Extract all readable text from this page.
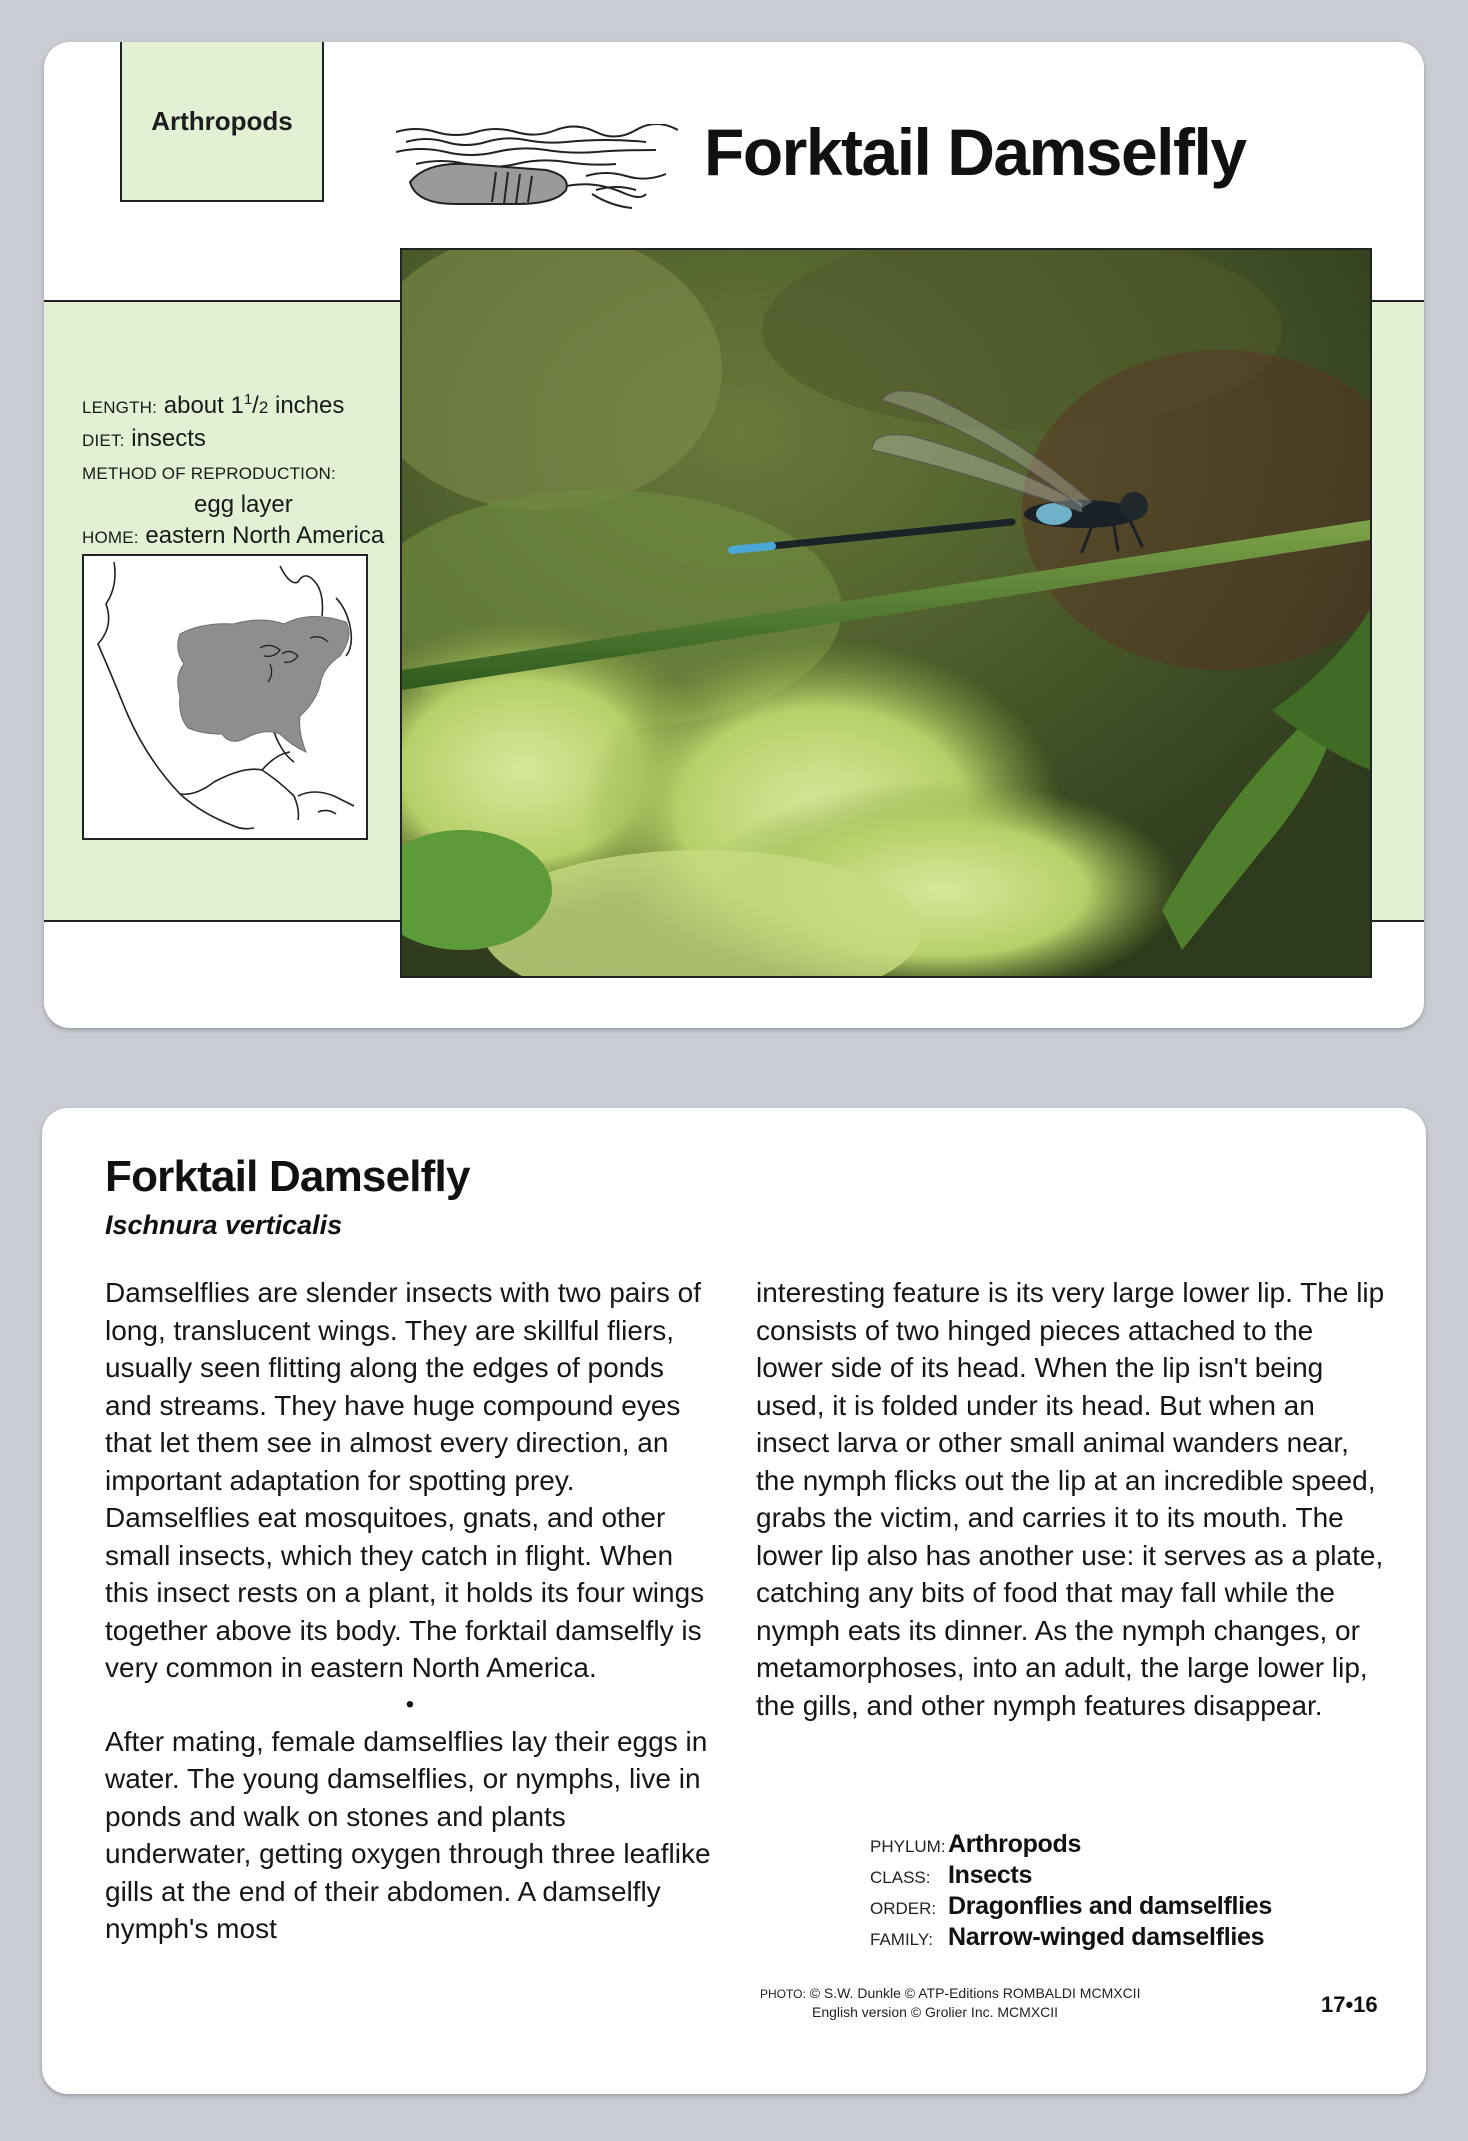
Arthropods	Forktail Damselfly
LENGTH: about $1^1/2$ inches
DIET: insects
METHOD OF REPRODUCTION:
egg layer
HOME: eastern North America
Forktail Damselfly
Ischnura verticalis

Damselflies are slender insects with two pairs of long, translucent wings. They are skillful fliers, usually seen flitting along the edges of ponds and streams. They have huge compound eyes that let them see in almost every direction, an important adaptation for spotting prey. Damselflies eat mosquitoes, gnats, and other small insects, which they catch in flight. When this insect rests on a plant, it holds its four wings together above its body. The forktail damselfly is very common in eastern North America.

•

After mating, female damselflies lay their eggs in water. The young damselflies, or nymphs, live in ponds and walk on stones and plants underwater, getting oxygen through three leaflike gills at the end of their abdomen. A damselfly nymph's most

interesting feature is its very large lower lip. The lip consists of two hinged pieces attached to the lower side of its head. When the lip isn't being used, it is folded under its head. But when an insect larva or other small animal wanders near, the nymph flicks out the lip at an incredible speed, grabs the victim, and carries it to its mouth. The lower lip also has another use: it serves as a plate, catching any bits of food that may fall while the nymph eats its dinner. As the nymph changes, or metamorphoses, into an adult, the large lower lip, the gills, and other nymph features disappear.

PHYLUM: Arthropods
CLASS: Insects
ORDER: Dragonflies and damselflies
FAMILY: Narrow-winged damselflies
PHOTO: © S.W. Dunkle © ATP-Editions ROMBALDI MCMXCII
English version © Grolier Inc. MCMXCII	17•16
